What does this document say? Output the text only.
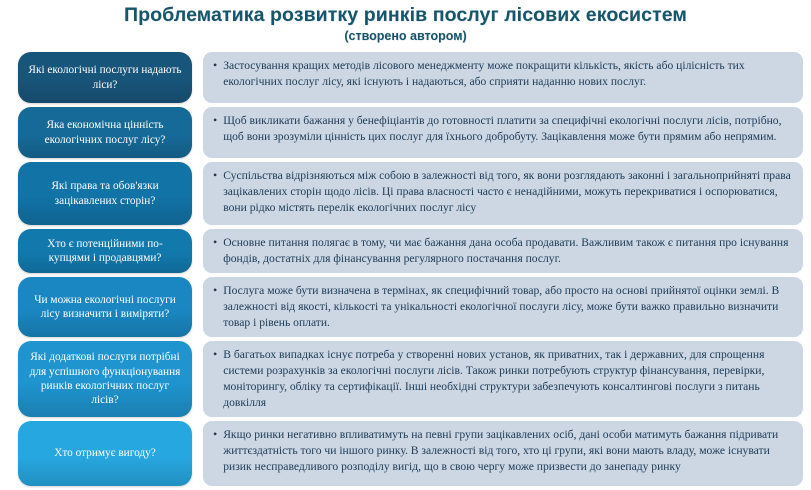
Проблематика розвитку ринків послуг лісових екосистем
(створено автором)
Які екологічні послуги надають ліси?
• Застосування кращих методів лісового менеджменту може покращити кількість, якість або цілісність тих екологічних послуг лісу, які існують і надаються, або сприяти наданню нових послуг.
Яка економічна цінність екологічних послуг лісу?
• Щоб викликати бажання у бенефіціантів до готовності платити за специфічні екологічні послуги лісів, потрібно, щоб вони зрозуміли цінність цих послуг для їхнього добробуту. Зацікавлення може бути прямим або непрямим.
Які права та обов'язки зацікавлених сторін?
• Суспільства відрізняються між собою в залежності від того, як вони розглядають законні і загальноприйняті права зацікавлених сторін щодо лісів. Ці права власності часто є ненадійними, можуть перекриватися і оспорюватися, вони рідко містять перелік екологічних послуг лісу
Хто є потенційними по-купцями і продавцями?
• Основне питання полягає в тому, чи має бажання дана особа продавати. Важливим також є питання про існування фондів, достатніх для фінансування регулярного постачання послуг.
Чи можна екологічні послуги лісу визначити і виміряти?
• Послуга може бути визначена в термінах, як специфічний товар, або просто на основі прийнятої оцінки землі. В залежності від якості, кількості та унікальності екологічної послуги лісу, може бути важко правильно визначити товар і рівень оплати.
Які додаткові послуги потрібні для успішного функціонування ринків екологічних послуг лісів?
• В багатьох випадках існує потреба у створенні нових установ, як приватних, так і державних, для спрощення системи розрахунків за екологічні послуги лісів. Також ринки потребують структур фінансування, перевірки, моніторингу, обліку та сертифікації. Інші необхідні структури забезпечують консалтингові послуги з питань довкілля
Хто отримує вигоду?
• Якщо ринки негативно впливатимуть на певні групи зацікавлених осіб, дані особи матимуть бажання підривати життєздатність того чи іншого ринку. В залежності від того, хто ці групи, які вони мають владу, може існувати ризик несправедливого розподілу вигід, що в свою чергу може призвести до занепаду ринку
